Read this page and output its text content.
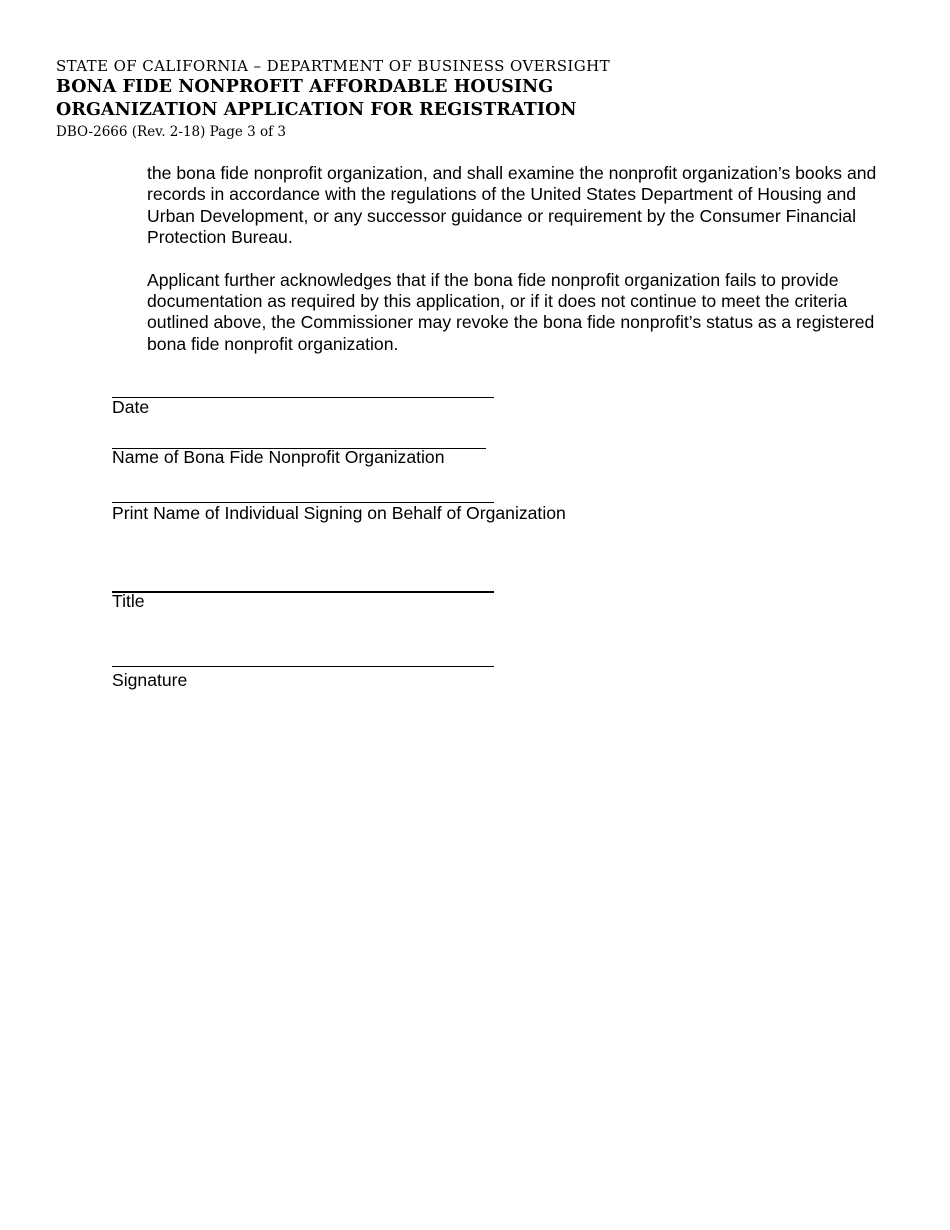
STATE OF CALIFORNIA – DEPARTMENT OF BUSINESS OVERSIGHT
BONA FIDE NONPROFIT AFFORDABLE HOUSING
ORGANIZATION APPLICATION FOR REGISTRATION
DBO-2666 (Rev. 2-18) Page 3 of 3

the bona fide nonprofit organization, and shall examine the nonprofit organization’s books and records in accordance with the regulations of the United States Department of Housing and Urban Development, or any successor guidance or requirement by the Consumer Financial Protection Bureau.

Applicant further acknowledges that if the bona fide nonprofit organization fails to provide documentation as required by this application, or if it does not continue to meet the criteria outlined above, the Commissioner may revoke the bona fide nonprofit’s status as a registered bona fide nonprofit organization.

Date
Name of Bona Fide Nonprofit Organization
Print Name of Individual Signing on Behalf of Organization
Title
Signature
